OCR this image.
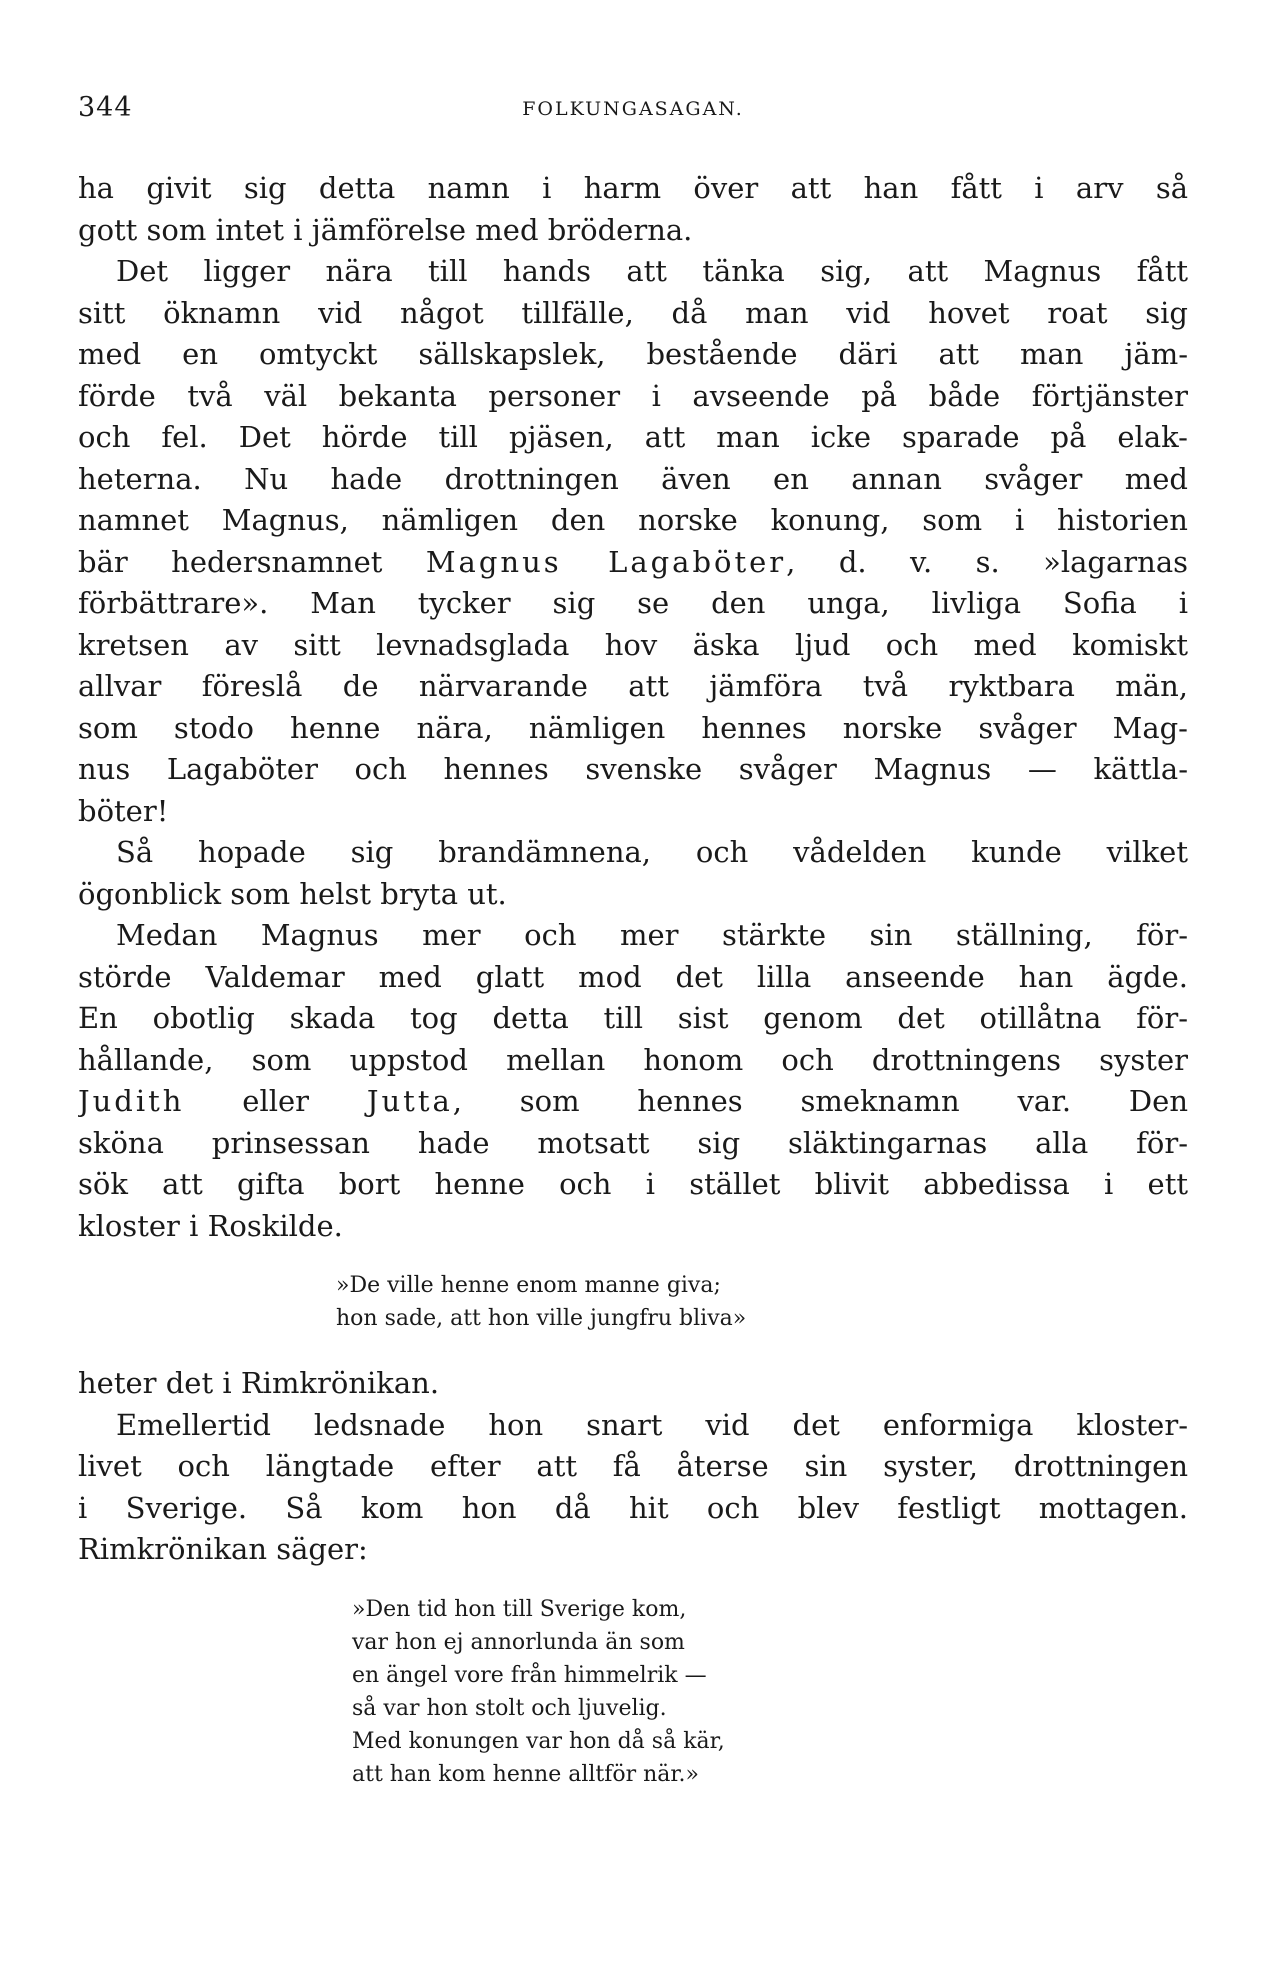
344	FOLKUNGASAGAN.
ha givit sig detta namn i harm över att han fått i arv så
gott som intet i jämförelse med bröderna.
Det ligger nära till hands att tänka sig, att Magnus fått
sitt öknamn vid något tillfälle, då man vid hovet roat sig
med en omtyckt sällskapslek, bestående däri att man jäm-
förde två väl bekanta personer i avseende på både förtjänster
och fel. Det hörde till pjäsen, att man icke sparade på elak-
heterna. Nu hade drottningen även en annan svåger med
namnet Magnus, nämligen den norske konung, som i historien
bär hedersnamnet Magnus Lagaböter, d. v. s. »lagarnas
förbättrare». Man tycker sig se den unga, livliga Sofia i
kretsen av sitt levnadsglada hov äska ljud och med komiskt
allvar föreslå de närvarande att jämföra två ryktbara män,
som stodo henne nära, nämligen hennes norske svåger Mag-
nus Lagaböter och hennes svenske svåger Magnus — kättla-
böter!
Så hopade sig brandämnena, och vådelden kunde vilket
ögonblick som helst bryta ut.
Medan Magnus mer och mer stärkte sin ställning, för-
störde Valdemar med glatt mod det lilla anseende han ägde.
En obotlig skada tog detta till sist genom det otillåtna för-
hållande, som uppstod mellan honom och drottningens syster
Judith eller Jutta, som hennes smeknamn var. Den
sköna prinsessan hade motsatt sig släktingarnas alla för-
sök att gifta bort henne och i stället blivit abbedissa i ett
kloster i Roskilde.
»De ville henne enom manne giva;
hon sade, att hon ville jungfru bliva»
heter det i Rimkrönikan.
Emellertid ledsnade hon snart vid det enformiga kloster-
livet och längtade efter att få återse sin syster, drottningen
i Sverige. Så kom hon då hit och blev festligt mottagen.
Rimkrönikan säger:
»Den tid hon till Sverige kom,
var hon ej annorlunda än som
en ängel vore från himmelrik —
så var hon stolt och ljuvelig.
Med konungen var hon då så kär,
att han kom henne alltför när.»
